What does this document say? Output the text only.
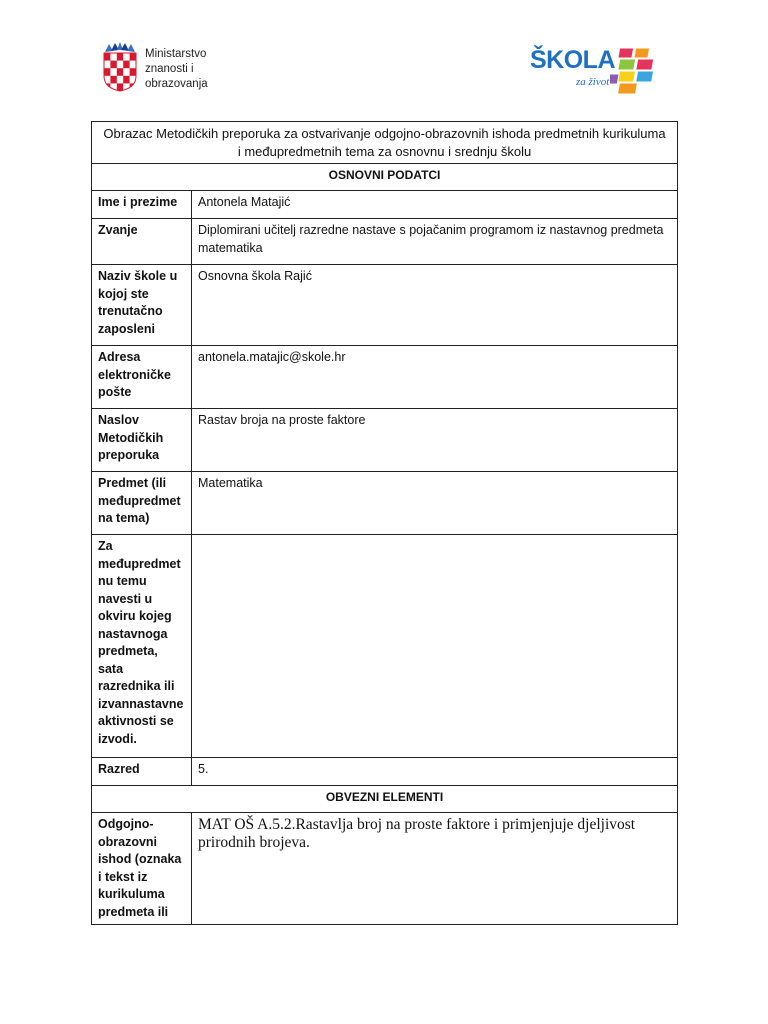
Ministarstvo
znanosti i
obrazovanja
ŠKOLA
za život
Obrazac Metodičkih preporuka za ostvarivanje odgojno-obrazovnih ishoda predmetnih kurikuluma
i međupredmetnih tema za osnovnu i srednju školu	

OSNOVNI PODATCI	
Ime i prezime	Antonela Matajić
Zvanje	Diplomirani učitelj razredne nastave s pojačanim programom iz nastavnog predmeta matematika
Naziv škole u kojoj ste trenutačno zaposleni	Osnovna škola Rajić
Adresa elektroničke pošte	antonela.matajic@skole.hr
Naslov Metodičkih preporuka	Rastav broja na proste faktore
Predmet (ili međupredmet na tema)	Matematika
Za međupredmet nu temu navesti u okviru kojeg nastavnoga predmeta, sata razrednika ili izvannastavne aktivnosti se izvodi.	
Razred	5.
OBVEZNI ELEMENTI	
Odgojno-obrazovni ishod (oznaka i tekst iz kurikuluma predmeta ili	MAT OŠ A.5.2.Rastavlja broj na proste faktore i primjenjuje djeljivost prirodnih brojeva.
